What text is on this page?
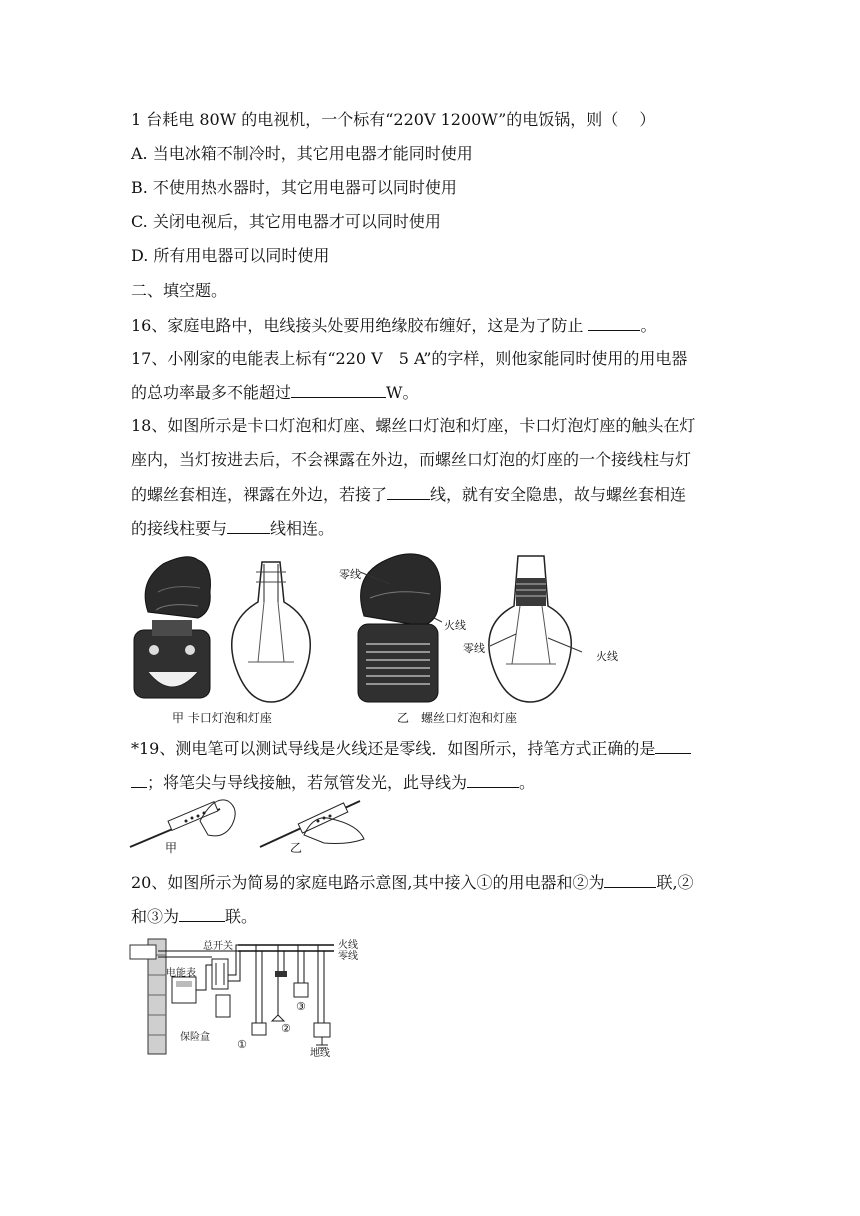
1 台耗电 80W 的电视机，一个标有“220V 1200W”的电饭锅，则（　 ）
A. 当电冰箱不制冷时，其它用电器才能同时使用
B. 不使用热水器时，其它用电器可以同时使用
C. 关闭电视后，其它用电器才可以同时使用
D. 所有用电器可以同时使用
二、填空题。
16、家庭电路中，电线接头处要用绝缘胶布缠好，这是为了防止	。
17、小刚家的电能表上标有“220 V　5 A”的字样，则他家能同时使用的用电器
的总功率最多不能超过	W。
18、如图所示是卡口灯泡和灯座、螺丝口灯泡和灯座，卡口灯泡灯座的触头在灯
座内，当灯按进去后，不会裸露在外边，而螺丝口灯泡的灯座的一个接线柱与灯
的螺丝套相连，裸露在外边，若接了	线，就有安全隐患，故与螺丝套相连
的接线柱要与	线相连。
零线
火线
零线
火线
甲 卡口灯泡和灯座	乙　螺丝口灯泡和灯座
*19、测电笔可以测试导线是火线还是零线．如图所示，持笔方式正确的是
；将笔尖与导线接触，若氖管发光，此导线为	。
甲	乙
20、如图所示为简易的家庭电路示意图,其中接入①的用电器和②为	联,②
和③为	联。
总开关	火线
零线
电能表
保险盒
地线
①
②
③
